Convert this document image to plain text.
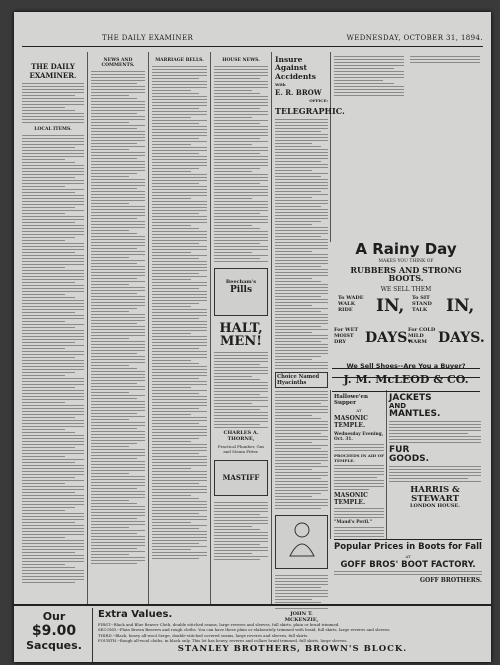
THE DAILY EXAMINER	WEDNESDAY, OCTOBER 31, 1894.
THE DAILY EXAMINER.
LOCAL ITEMS.
NEWS AND COMMENTS.
MARRIAGE BELLS.	HOUSE NEWS.
Beecham's
Pills
HALT, MEN!
CHARLES A. THORNE,
Practical Plumber, Gas and Steam Fitter.
MASTIFF
Insure
Against
Accidents
With
E. R. BROW
OFFICE:
TELEGRAPHIC.
Choice Named Hyacinths
JOHN T. MCKENZIE,
A Rainy Day
MAKES YOU THINK OF
RUBBERS AND STRONG BOOTS.
WE SELL THEM
To WADE
WALK
RIDE	IN, To SIT
STAND
TALK IN,
For WET
MOIST
DRY	DAYS.
For COLD
MILD
WARM DAYS.
We Sell Shoes--Are You a Buyer?
J. M. McLEOD & CO.
Hallowe'en Supper
AT
MASONIC TEMPLE.
Wednesday Evening, Oct. 31.
PROCEEDS IN AID OF TEMPLE.
MASONIC TEMPLE.
"Maud's Peril."
JACKETS
AND
MANTLES.
FUR
GOODS.
HARRIS & STEWART
LONDON HOUSE.
Popular Prices in Boots for Fall
AT
GOFF BROS' BOOT FACTORY.
GOFF BROTHERS.
Our
$9.00
Sacques.
Extra Values.
FIRST.--Black and Blue Beaver Cloth, double stitched seams, large reveres and sleeves, full skirts, plain or braid trimmed.
SECOND.--Plain Brown Beavers and rough cloths. You can have these plain or elaborately trimmed with braid, full skirts, large reveres and sleeves.
THIRD.--Black, heavy all-wool Serge, double-stitched covered seams, large reveres and sleeves, full skirts.
FOURTH.--Rough all-wool cloths, in black only. This lot has heavy, reveres and collars braid trimmed, full skirts, large sleeves.
STANLEY BROTHERS, BROWN'S BLOCK.
